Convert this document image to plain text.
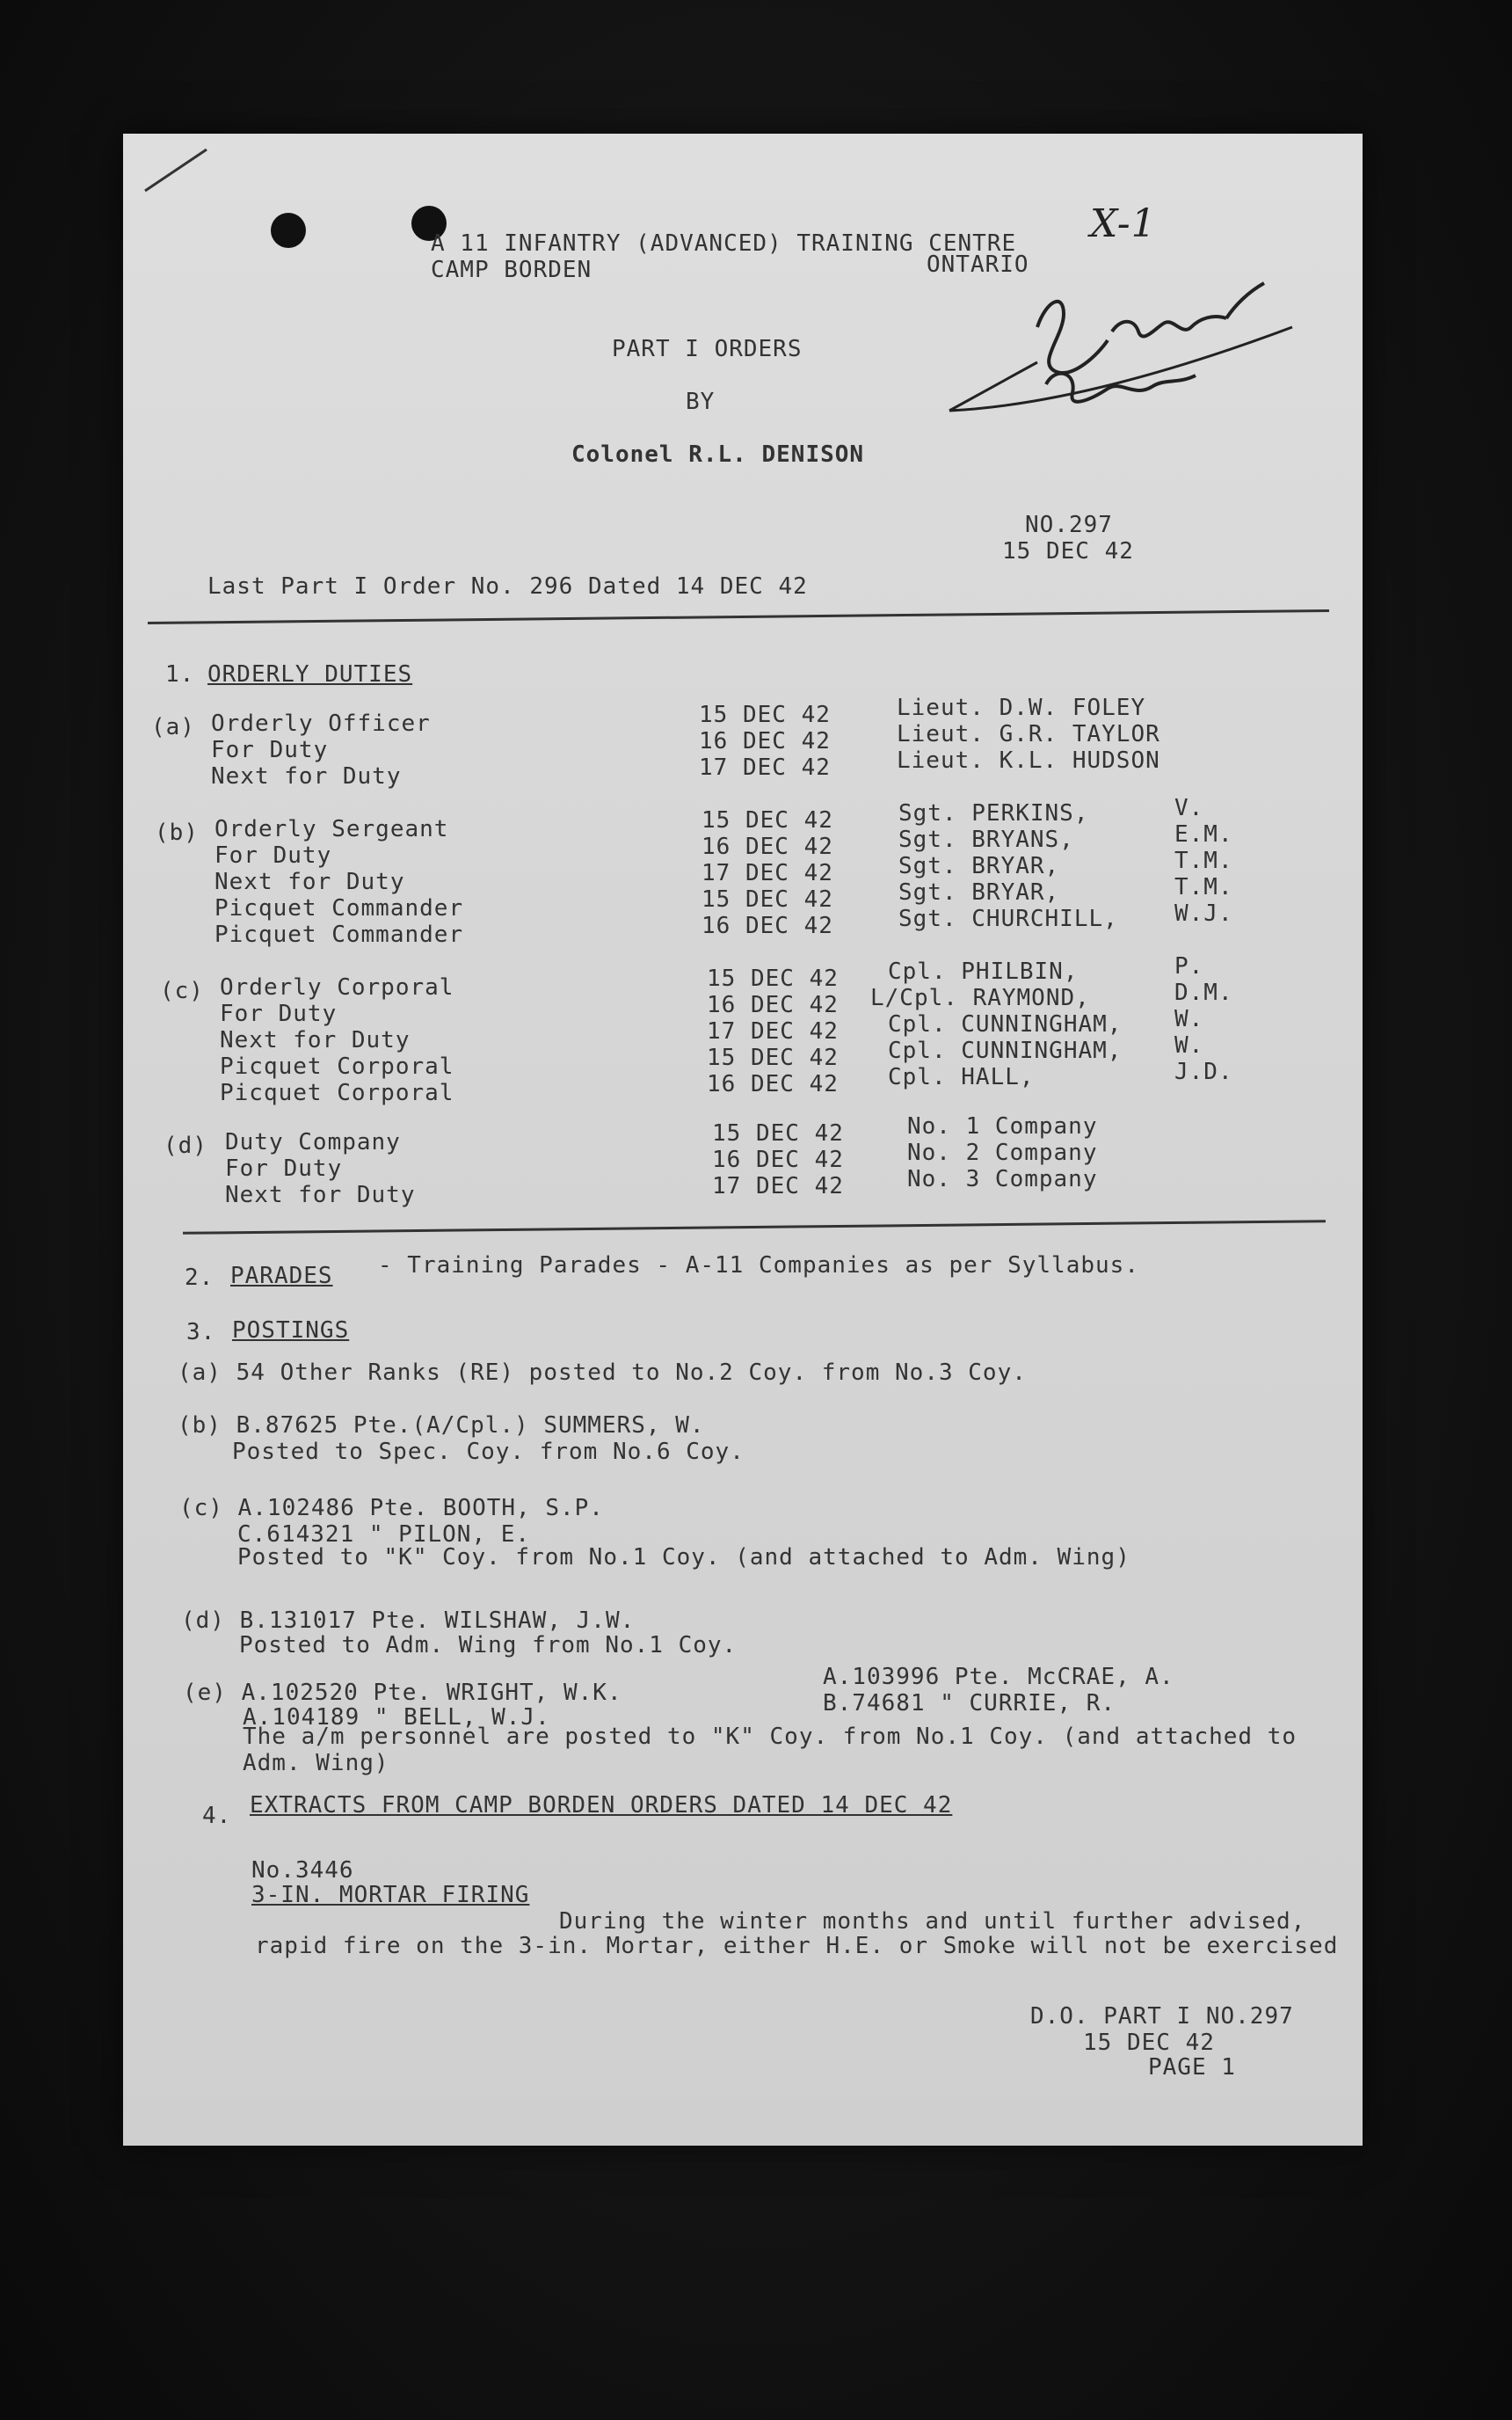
A 11 INFANTRY (ADVANCED) TRAINING CENTRE
CAMP BORDEN	ONTARIO
X-1
PART I ORDERS
BY
Colonel R.L. DENISON
NO.297
15 DEC 42
Last Part I Order No. 296 Dated 14 DEC 42
1. ORDERLY DUTIES
(a) Orderly Officer
For Duty
Next for Duty
15 DEC 42
16 DEC 42
17 DEC 42
Lieut. D.W. FOLEY
Lieut. G.R. TAYLOR
Lieut. K.L. HUDSON
(b) Orderly Sergeant
For Duty
Next for Duty
Picquet Commander
Picquet Commander
15 DEC 42
16 DEC 42
17 DEC 42
15 DEC 42
16 DEC 42
Sgt. PERKINS,
Sgt. BRYANS,
Sgt. BRYAR,
Sgt. BRYAR,
Sgt. CHURCHILL,
V.
E.M.
T.M.
T.M.
W.J.
(c) Orderly Corporal
For Duty
Next for Duty
Picquet Corporal
Picquet Corporal
15 DEC 42
16 DEC 42
17 DEC 42
15 DEC 42
16 DEC 42
Cpl. PHILBIN,
L/Cpl. RAYMOND,
Cpl. CUNNINGHAM,
Cpl. CUNNINGHAM,
Cpl. HALL,
P.
D.M.
W.
W.
J.D.
(d) Duty Company
For Duty
Next for Duty
15 DEC 42
16 DEC 42
17 DEC 42
No. 1 Company
No. 2 Company
No. 3 Company
2. PARADES - Training Parades - A-11 Companies as per Syllabus.
3. POSTINGS
(a) 54 Other Ranks (RE) posted to No.2 Coy. from No.3 Coy.
(b) B.87625 Pte.(A/Cpl.) SUMMERS, W.
Posted to Spec. Coy. from No.6 Coy.
(c) A.102486 Pte. BOOTH, S.P.
C.614321 " PILON, E.
Posted to "K" Coy. from No.1 Coy. (and attached to Adm. Wing)
(d) B.131017 Pte. WILSHAW, J.W.
Posted to Adm. Wing from No.1 Coy.
(e) A.102520 Pte. WRIGHT, W.K.
A.103996 Pte. McCRAE, A.
A.104189 " BELL, W.J.
B.74681 " CURRIE, R.
The a/m personnel are posted to "K" Coy. from No.1 Coy. (and attached to
Adm. Wing)
4. EXTRACTS FROM CAMP BORDEN ORDERS DATED 14 DEC 42
No.3446
3-IN. MORTAR FIRING
During the winter months and until further advised,
rapid fire on the 3-in. Mortar, either H.E. or Smoke will not be exercised
D.O. PART I NO.297
15 DEC 42
PAGE 1
